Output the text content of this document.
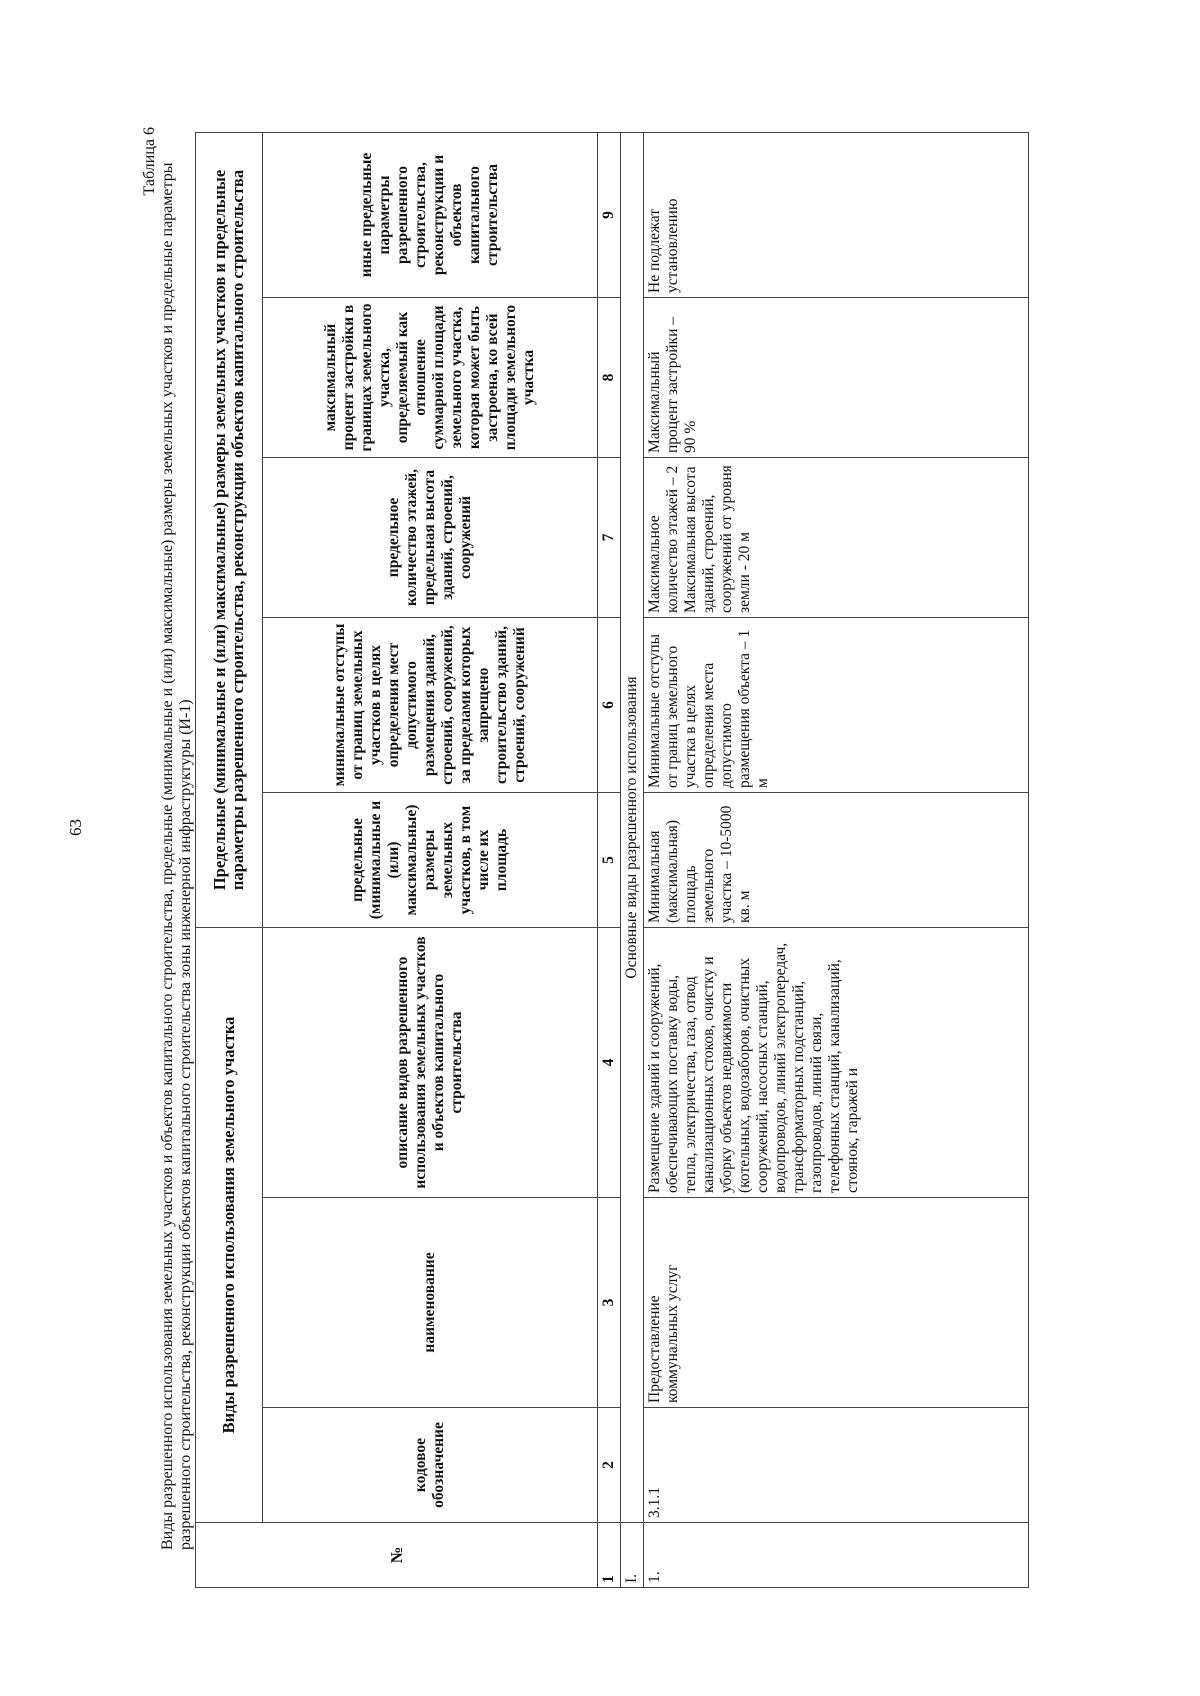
63
Таблица 6
Виды разрешенного использования земельных участков и объектов капитального строительства, предельные (минимальные и (или) максимальные) размеры земельных участков и предельные параметры разрешенного строительства, реконструкции объектов капитального строительства зоны инженерной инфраструктуры (И-1)
№	Виды разрешенного использования земельного участка			Предельные (минимальные и (или) максимальные) размеры земельных участков и предельные параметры разрешенного строительства, реконструкции объектов капитального строительства				
	кодовое обозначение	наименование	описание видов разрешенного использования земельных участков и объектов капитального строительства	предельные (минимальные и (или) максимальные) размеры земельных участков, в том числе их площадь	минимальные отступы от границ земельных участков в целях определения мест допустимого размещения зданий, строений, сооружений, за пределами которых запрещено строительство зданий, строений, сооружений	предельное количество этажей, предельная высота зданий, строений, сооружений	максимальный процент застройки в границах земельного участка, определяемый как отношение суммарной площади земельного участка, которая может быть застроена, ко всей площади земельного участка	иные предельные параметры разрешенного строительства, реконструкции и объектов капитального строительства
1	2	3	4	5	6	7	8	9
I.	Основные виды разрешенного использования							
1.	3.1.1	Предоставление коммунальных услуг	Размещение зданий и сооружений, обеспечивающих поставку воды, тепла, электричества, газа, отвод канализационных стоков, очистку и уборку объектов недвижимости (котельных, водозаборов, очистных сооружений, насосных станций, водопроводов, линий электропередач, трансформаторных подстанций, газопроводов, линий связи, телефонных станций, канализаций, стоянок, гаражей и	Минимальная (максимальная) площадь земельного участка – 10-5000 кв. м	Минимальные отступы от границ земельного участка в целях определения места допустимого размещения объекта – 1 м	Максимальное количество этажей – 2 Максимальная высота зданий, строений, сооружений от уровня земли - 20 м	Максимальный процент застройки – 90 %	Не подлежат установлению
